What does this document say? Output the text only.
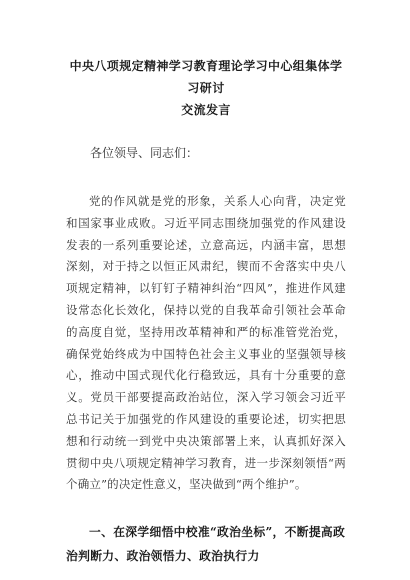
中央八项规定精神学习教育理论学习中心组集体学习研讨

交流发言

各位领导、同志们：

党的作风就是党的形象，关系人心向背，决定党和国家事业成败。习近平同志围绕加强党的作风建设发表的一系列重要论述，立意高远，内涵丰富，思想深刻，对于持之以恒正风肃纪，锲而不舍落实中央八项规定精神，以钉钉子精神纠治“四风”，推进作风建设常态化长效化，保持以党的自我革命引领社会革命的高度自觉，坚持用改革精神和严的标准管党治党，确保党始终成为中国特色社会主义事业的坚强领导核心，推动中国式现代化行稳致远，具有十分重要的意义。党员干部要提高政治站位，深入学习领会习近平总书记关于加强党的作风建设的重要论述，切实把思想和行动统一到党中央决策部署上来，认真抓好深入贯彻中央八项规定精神学习教育，进一步深刻领悟“两个确立”的决定性意义，坚决做到“两个维护”。

一、在深学细悟中校准“政治坐标”，不断提高政治判断力、政治领悟力、政治执行力
